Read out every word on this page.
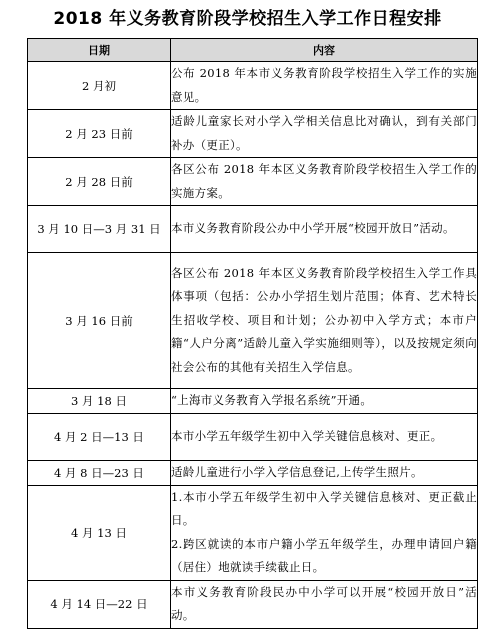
2018 年义务教育阶段学校招生入学工作日程安排
日期	内容
2 月初	公布 2018 年本市义务教育阶段学校招生入学工作的实施意见。

2 月 23 日前	适龄儿童家长对小学入学相关信息比对确认，到有关部门补办（更正）。

2 月 28 日前	各区公布 2018 年本区义务教育阶段学校招生入学工作的实施方案。

3 月 10 日—3 月 31 日	本市义务教育阶段公办中小学开展“校园开放日”活动。

3 月 16 日前	各区公布 2018 年本区义务教育阶段学校招生入学工作具体事项（包括：公办小学招生划片范围；体育、艺术特长生招收学校、项目和计划；公办初中入学方式；本市户籍“人户分离”适龄儿童入学实施细则等），以及按规定须向社会公布的其他有关招生入学信息。

3 月 18 日	“上海市义务教育入学报名系统”开通。

4 月 2 日—13 日	本市小学五年级学生初中入学关键信息核对、更正。

4 月 8 日—23 日	适龄儿童进行小学入学信息登记,上传学生照片。

4 月 13 日	1.本市小学五年级学生初中入学关键信息核对、更正截止日。

2.跨区就读的本市户籍小学五年级学生，办理申请回户籍（居住）地就读手续截止日。

4 月 14 日—22 日	本市义务教育阶段民办中小学可以开展“校园开放日”活动。
